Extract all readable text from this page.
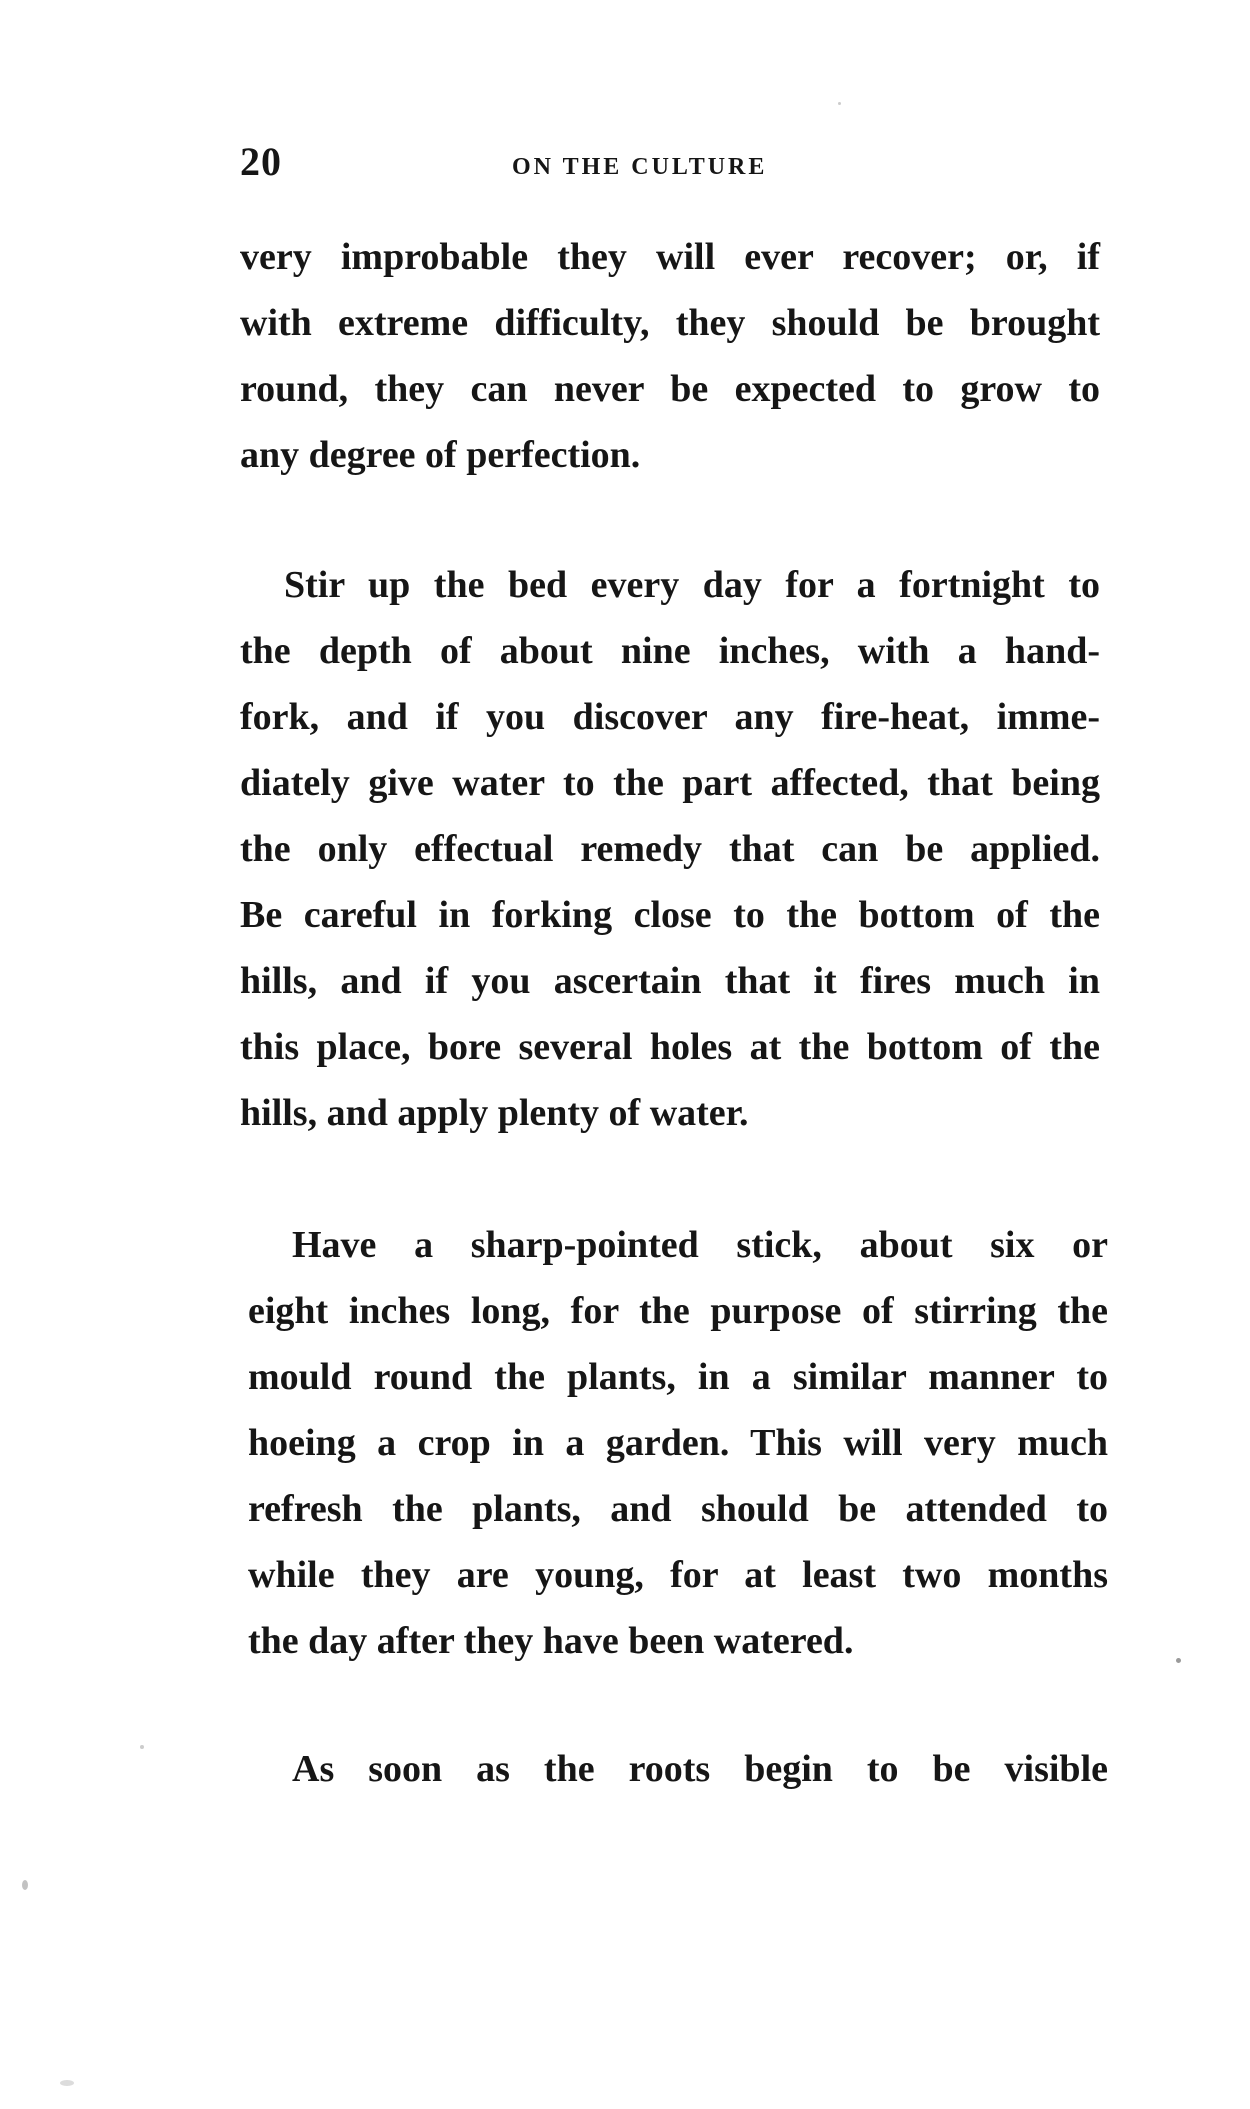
20	ON THE CULTURE
very improbable they will ever recover; or, if
with extreme difficulty, they should be brought
round, they can never be expected to grow to
any degree of perfection.
Stir up the bed every day for a fortnight to
the depth of about nine inches, with a hand-
fork, and if you discover any fire-heat, imme-
diately give water to the part affected, that being
the only effectual remedy that can be applied.
Be careful in forking close to the bottom of the
hills, and if you ascertain that it fires much in
this place, bore several holes at the bottom of the
hills, and apply plenty of water.
Have a sharp-pointed stick, about six or
eight inches long, for the purpose of stirring the
mould round the plants, in a similar manner to
hoeing a crop in a garden. This will very much
refresh the plants, and should be attended to
while they are young, for at least two months
the day after they have been watered.
As soon as the roots begin to be visible
